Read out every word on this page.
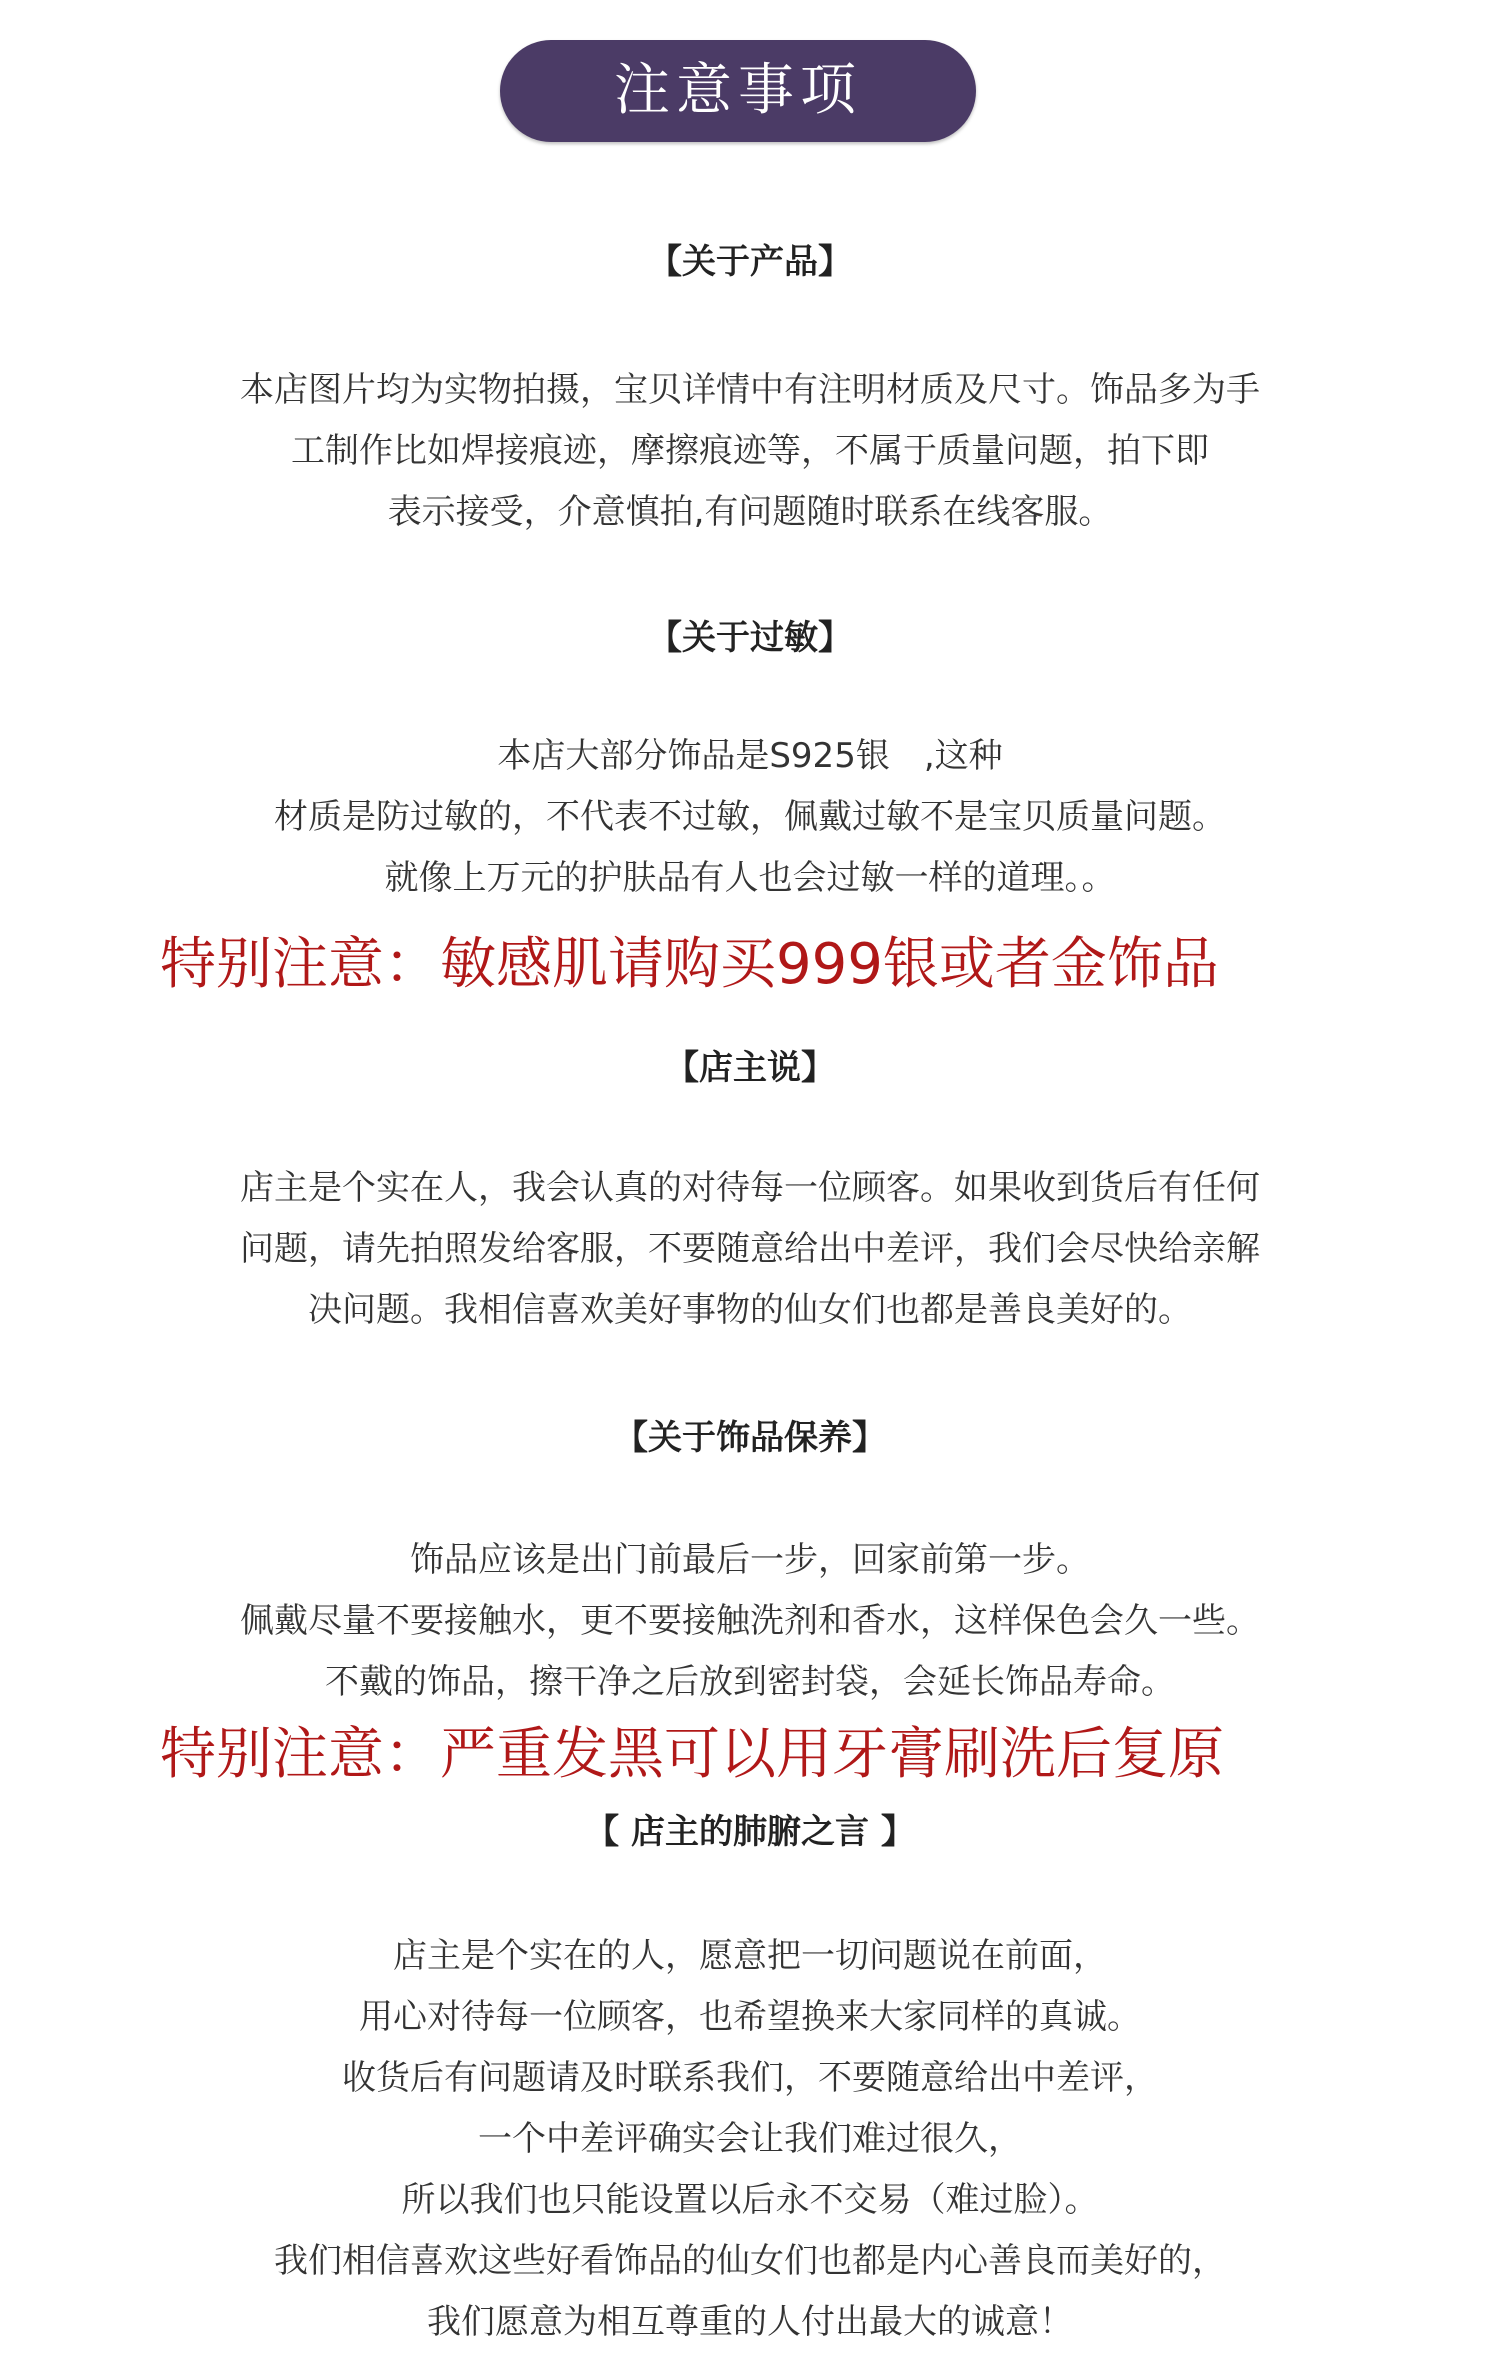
注意事项
【关于产品】
本店图片均为实物拍摄，宝贝详情中有注明材质及尺寸。饰品多为手
工制作比如焊接痕迹，摩擦痕迹等，不属于质量问题，拍下即
表示接受，介意慎拍,有问题随时联系在线客服。
【关于过敏】
本店大部分饰品是S925银　,这种
材质是防过敏的，不代表不过敏，佩戴过敏不是宝贝质量问题。
就像上万元的护肤品有人也会过敏一样的道理。。
特别注意：敏感肌请购买999银或者金饰品
【店主说】
店主是个实在人，我会认真的对待每一位顾客。如果收到货后有任何
问题，请先拍照发给客服，不要随意给出中差评，我们会尽快给亲解
决问题。我相信喜欢美好事物的仙女们也都是善良美好的。
【关于饰品保养】
饰品应该是出门前最后一步，回家前第一步。
佩戴尽量不要接触水，更不要接触洗剂和香水，这样保色会久一些。
不戴的饰品，擦干净之后放到密封袋，会延长饰品寿命。
特别注意：严重发黑可以用牙膏刷洗后复原
【 店主的肺腑之言 】
店主是个实在的人，愿意把一切问题说在前面，
用心对待每一位顾客，也希望换来大家同样的真诚。
收货后有问题请及时联系我们，不要随意给出中差评，
一个中差评确实会让我们难过很久，
所以我们也只能设置以后永不交易（难过脸）。
我们相信喜欢这些好看饰品的仙女们也都是内心善良而美好的，
我们愿意为相互尊重的人付出最大的诚意！
